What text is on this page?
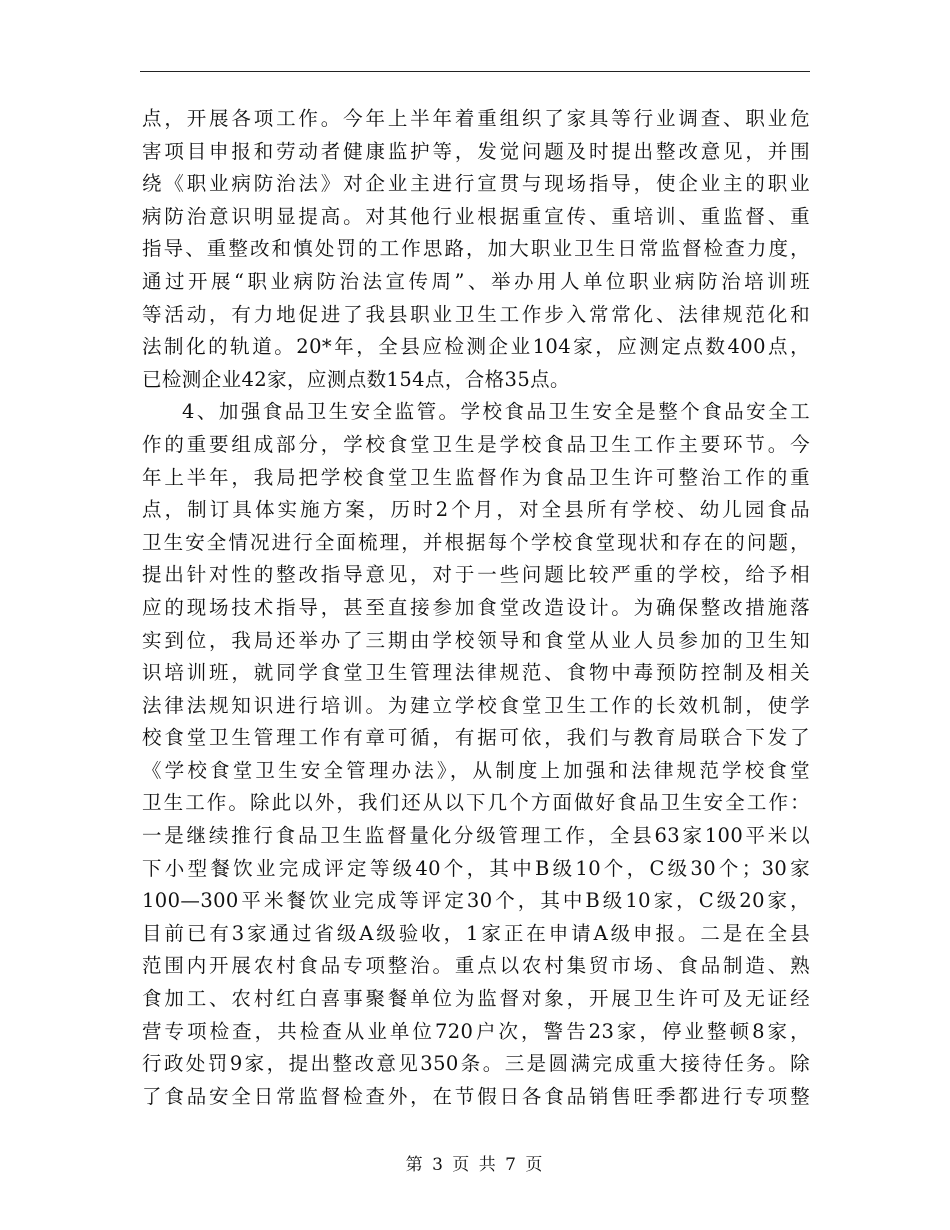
点，开展各项工作。今年上半年着重组织了家具等行业调查、职业危
害项目申报和劳动者健康监护等，发觉问题及时提出整改意见，并围
绕《职业病防治法》对企业主进行宣贯与现场指导，使企业主的职业
病防治意识明显提高。对其他行业根据重宣传、重培训、重监督、重
指导、重整改和慎处罚的工作思路，加大职业卫生日常监督检查力度，
通过开展“职业病防治法宣传周”、举办用人单位职业病防治培训班
等活动，有力地促进了我县职业卫生工作步入常常化、法律规范化和
法制化的轨道。20*年，全县应检测企业104家，应测定点数400点，
已检测企业42家，应测点数154点，合格35点。
4、加强食品卫生安全监管。学校食品卫生安全是整个食品安全工
作的重要组成部分，学校食堂卫生是学校食品卫生工作主要环节。今
年上半年，我局把学校食堂卫生监督作为食品卫生许可整治工作的重
点，制订具体实施方案，历时2个月，对全县所有学校、幼儿园食品
卫生安全情况进行全面梳理，并根据每个学校食堂现状和存在的问题，
提出针对性的整改指导意见，对于一些问题比较严重的学校，给予相
应的现场技术指导，甚至直接参加食堂改造设计。为确保整改措施落
实到位，我局还举办了三期由学校领导和食堂从业人员参加的卫生知
识培训班，就同学食堂卫生管理法律规范、食物中毒预防控制及相关
法律法规知识进行培训。为建立学校食堂卫生工作的长效机制，使学
校食堂卫生管理工作有章可循，有据可依，我们与教育局联合下发了
《学校食堂卫生安全管理办法》，从制度上加强和法律规范学校食堂
卫生工作。除此以外，我们还从以下几个方面做好食品卫生安全工作：
一是继续推行食品卫生监督量化分级管理工作，全县63家100平米以
下小型餐饮业完成评定等级40个，其中B级10个，C级30个；30家
100—300平米餐饮业完成等评定30个，其中B级10家，C级20家，
目前已有3家通过省级A级验收，1家正在申请A级申报。二是在全县
范围内开展农村食品专项整治。重点以农村集贸市场、食品制造、熟
食加工、农村红白喜事聚餐单位为监督对象，开展卫生许可及无证经
营专项检查，共检查从业单位720户次，警告23家，停业整顿8家，
行政处罚9家，提出整改意见350条。三是圆满完成重大接待任务。除
了食品安全日常监督检查外，在节假日各食品销售旺季都进行专项整
第 3 页 共 7 页
